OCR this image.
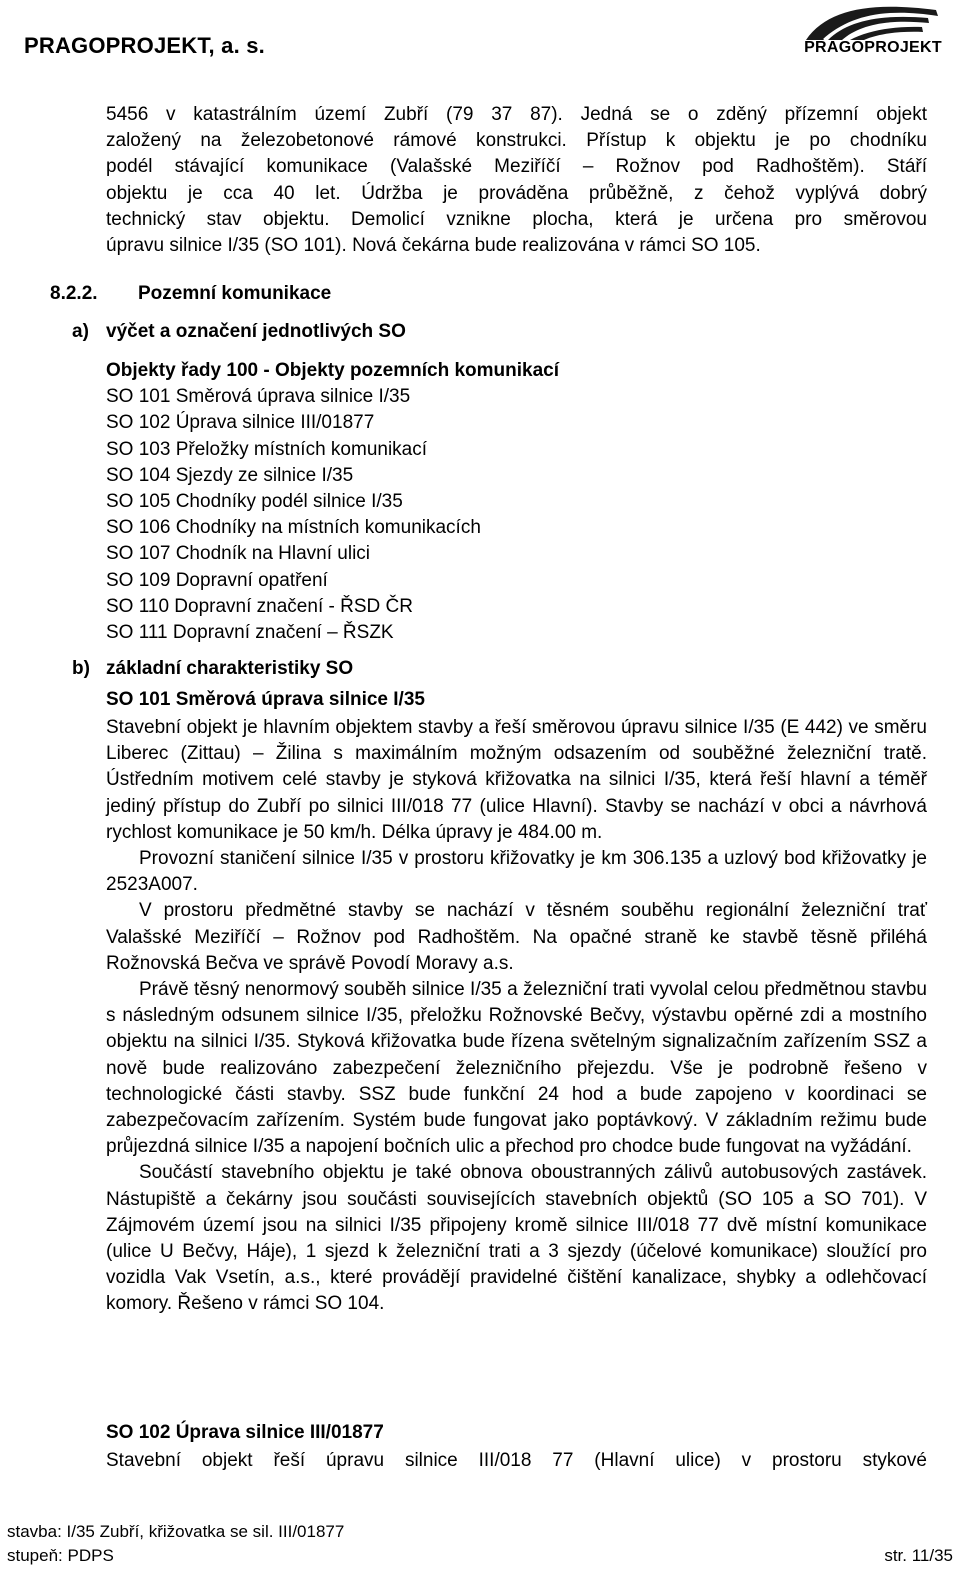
PRAGOPROJEKT, a. s.	PRAGOPROJEKT
5456 v katastrálním území Zubří (79 37 87). Jedná se o zděný přízemní objekt
založený na železobetonové rámové konstrukci. Přístup k objektu je po chodníku
podél stávající komunikace (Valašské Meziříčí – Rožnov pod Radhoštěm). Stáří
objektu je cca 40 let. Údržba je prováděna průběžně, z čehož vyplývá dobrý
technický stav objektu. Demolicí vznikne plocha, která je určena pro směrovou
úpravu silnice I/35 (SO 101). Nová čekárna bude realizována v rámci SO 105.
8.2.2. Pozemní komunikace
a) výčet a označení jednotlivých SO
Objekty řady 100 - Objekty pozemních komunikací
SO 101 Směrová úprava silnice I/35
SO 102 Úprava silnice III/01877
SO 103 Přeložky místních komunikací
SO 104 Sjezdy ze silnice I/35
SO 105 Chodníky podél silnice I/35
SO 106 Chodníky na místních komunikacích
SO 107 Chodník na Hlavní ulici
SO 109 Dopravní opatření
SO 110 Dopravní značení - ŘSD ČR
SO 111 Dopravní značení – ŘSZK
b) základní charakteristiky SO
SO 101 Směrová úprava silnice I/35

Stavební objekt je hlavním objektem stavby a řeší směrovou úpravu silnice I/35 (E 442) ve směru Liberec (Zittau) – Žilina s maximálním možným odsazením od souběžné železniční tratě. Ústředním motivem celé stavby je styková křižovatka na silnici I/35, která řeší hlavní a téměř jediný přístup do Zubří po silnici III/018 77 (ulice Hlavní). Stavby se nachází v obci a návrhová rychlost komunikace je 50 km/h. Délka úpravy je 484.00 m.

Provozní staničení silnice I/35 v prostoru křižovatky je km 306.135 a uzlový bod křižovatky je 2523A007.

V prostoru předmětné stavby se nachází v těsném souběhu regionální železniční trať Valašské Meziříčí – Rožnov pod Radhoštěm. Na opačné straně ke stavbě těsně přiléhá Rožnovská Bečva ve správě Povodí Moravy a.s.

Právě těsný nenormový souběh silnice I/35 a železniční trati vyvolal celou předmětnou stavbu s následným odsunem silnice I/35, přeložku Rožnovské Bečvy, výstavbu opěrné zdi a mostního objektu na silnici I/35. Styková křižovatka bude řízena světelným signalizačním zařízením SSZ a nově bude realizováno zabezpečení železničního přejezdu. Vše je podrobně řešeno v technologické části stavby. SSZ bude funkční 24 hod a bude zapojeno v koordinaci se zabezpečovacím zařízením. Systém bude fungovat jako poptávkový. V základním režimu bude průjezdná silnice I/35 a napojení bočních ulic a přechod pro chodce bude fungovat na vyžádání.

Součástí stavebního objektu je také obnova oboustranných zálivů autobusových zastávek. Nástupiště a čekárny jsou součásti souvisejících stavebních objektů (SO 105 a SO 701). V Zájmovém území jsou na silnici I/35 připojeny kromě silnice III/018 77 dvě místní komunikace (ulice U Bečvy, Háje), 1 sjezd k železniční trati a 3 sjezdy (účelové komunikace) sloužící pro vozidla Vak Vsetín, a.s., které provádějí pravidelné čištění kanalizace, shybky a odlehčovací komory. Řešeno v rámci SO 104.

SO 102 Úprava silnice III/01877
Stavební objekt řeší úpravu silnice III/018 77 (Hlavní ulice) v prostoru stykové
stavba: I/35 Zubří, křižovatka se sil. III/01877
stupeň: PDPS	str. 11/35
